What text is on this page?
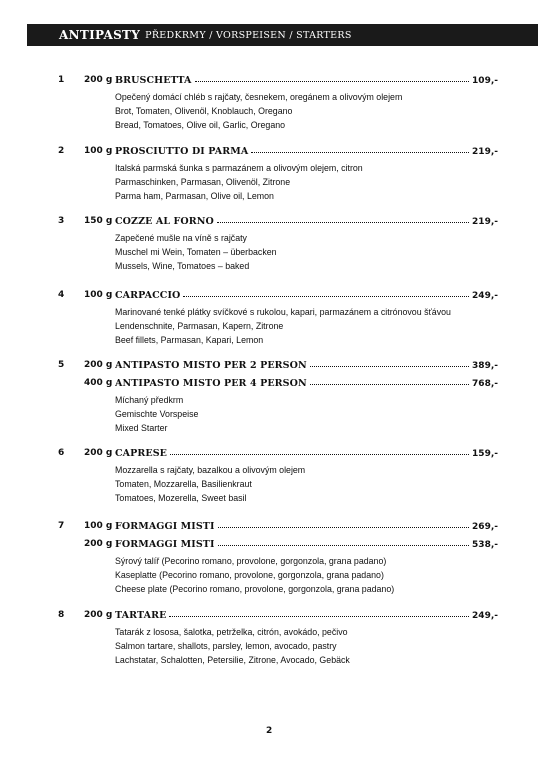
ANTIPASTY PŘEDKRMY / VORSPEISEN / STARTERS
1 200 g BRUSCHETTA	109,-
Opečený domácí chléb s rajčaty, česnekem, oregánem a olivovým olejem
Brot, Tomaten, Olivenöl, Knoblauch, Oregano
Bread, Tomatoes, Olive oil, Garlic, Oregano
2 100 g PROSCIUTTO DI PARMA	219,-
Italská parmská šunka s parmazánem a olivovým olejem, citron
Parmaschinken, Parmasan, Olivenöl, Zitrone
Parma ham, Parmasan, Olive oil, Lemon
3 150 g COZZE AL FORNO	219,-
Zapečené mušle na víně s rajčaty
Muschel mi Wein, Tomaten – überbacken
Mussels, Wine, Tomatoes – baked
4 100 g CARPACCIO	249,-
Marinované tenké plátky svíčkové s rukolou, kapari, parmazánem a citrónovou šťávou
Lendenschnite, Parmasan, Kapern, Zitrone
Beef fillets, Parmasan, Kapari, Lemon
5 200 g ANTIPASTO MISTO PER 2 PERSON	389,-
400 g ANTIPASTO MISTO PER 4 PERSON	768,-
Míchaný předkrm
Gemischte Vorspeise
Mixed Starter
6 200 g CAPRESE	159,-
Mozzarella s rajčaty, bazalkou a olivovým olejem
Tomaten, Mozzarella, Basilienkraut
Tomatoes, Mozerella, Sweet basil
7 100 g FORMAGGI MISTI	269,-
200 g FORMAGGI MISTI	538,-
Sýrový talíř (Pecorino romano, provolone, gorgonzola, grana padano)
Kaseplatte (Pecorino romano, provolone, gorgonzola, grana padano)
Cheese plate (Pecorino romano, provolone, gorgonzola, grana padano)
8 200 g TARTARE	249,-
Tatarák z lososa, šalotka, petrželka, citrón, avokádo, pečivo
Salmon tartare, shallots, parsley, lemon, avocado, pastry
Lachstatar, Schalotten, Petersilie, Zitrone, Avocado, Gebäck
2
